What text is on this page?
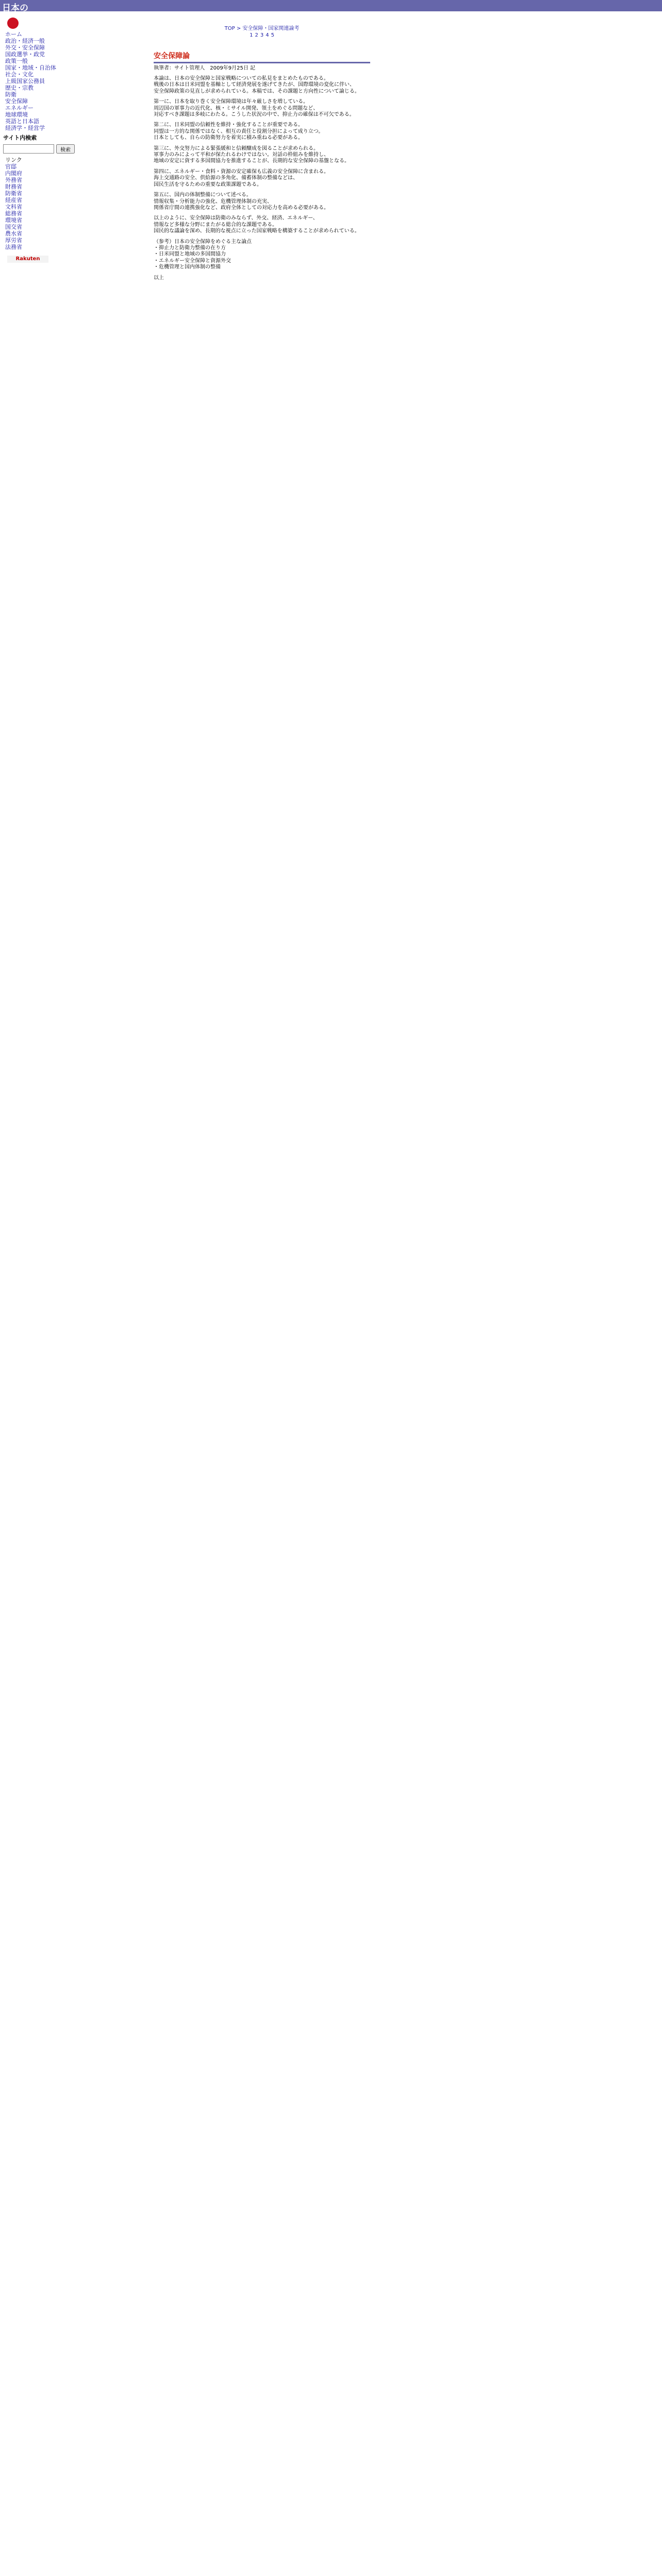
日本の
ホーム
政治・経済一般
外交・安全保障
国政選挙・政党
政策一般
国家・地域・自治体
社会・文化
上級国家公務員
歴史・宗教
防衛
安全保障
エネルギー
地球環境
英語と日本語
経済学・経営学
サイト内検索
検索
リンク
官邸
内閣府
外務省
財務省
防衛省
経産省
文科省
総務省
環境省
国交省
農水省
厚労省
法務省
Rakuten
TOP > 安全保障・国家関連論考
1 2 3 4 5
安全保障論
執筆者：サイト管理人　2009年9月25日 記

本論は、日本の安全保障と国家戦略についての私見をまとめたものである。
戦後の日本は日米同盟を基軸として経済発展を遂げてきたが、国際環境の変化に伴い、
安全保障政策の見直しが求められている。本稿では、その課題と方向性について論じる。

第一に、日本を取り巻く安全保障環境は年々厳しさを増している。
周辺国の軍事力の近代化、核・ミサイル開発、領土をめぐる問題など、
対応すべき課題は多岐にわたる。こうした状況の中で、抑止力の確保は不可欠である。

第二に、日米同盟の信頼性を維持・強化することが重要である。
同盟は一方的な関係ではなく、相互の責任と役割分担によって成り立つ。
日本としても、自らの防衛努力を着実に積み重ねる必要がある。

第三に、外交努力による緊張緩和と信頼醸成を図ることが求められる。
軍事力のみによって平和が保たれるわけではない。対話の枠組みを維持し、
地域の安定に資する多国間協力を推進することが、長期的な安全保障の基盤となる。

第四に、エネルギー・食料・資源の安定確保も広義の安全保障に含まれる。
海上交通路の安全、供給源の多角化、備蓄体制の整備などは、
国民生活を守るための重要な政策課題である。

第五に、国内の体制整備について述べる。
情報収集・分析能力の強化、危機管理体制の充実、
関係省庁間の連携強化など、政府全体としての対応力を高める必要がある。

以上のように、安全保障は防衛のみならず、外交、経済、エネルギー、
情報など多様な分野にまたがる総合的な課題である。
国民的な議論を深め、長期的な視点に立った国家戦略を構築することが求められている。

（参考）日本の安全保障をめぐる主な論点
・抑止力と防衛力整備の在り方
・日米同盟と地域の多国間協力
・エネルギー安全保障と資源外交
・危機管理と国内体制の整備

以上
